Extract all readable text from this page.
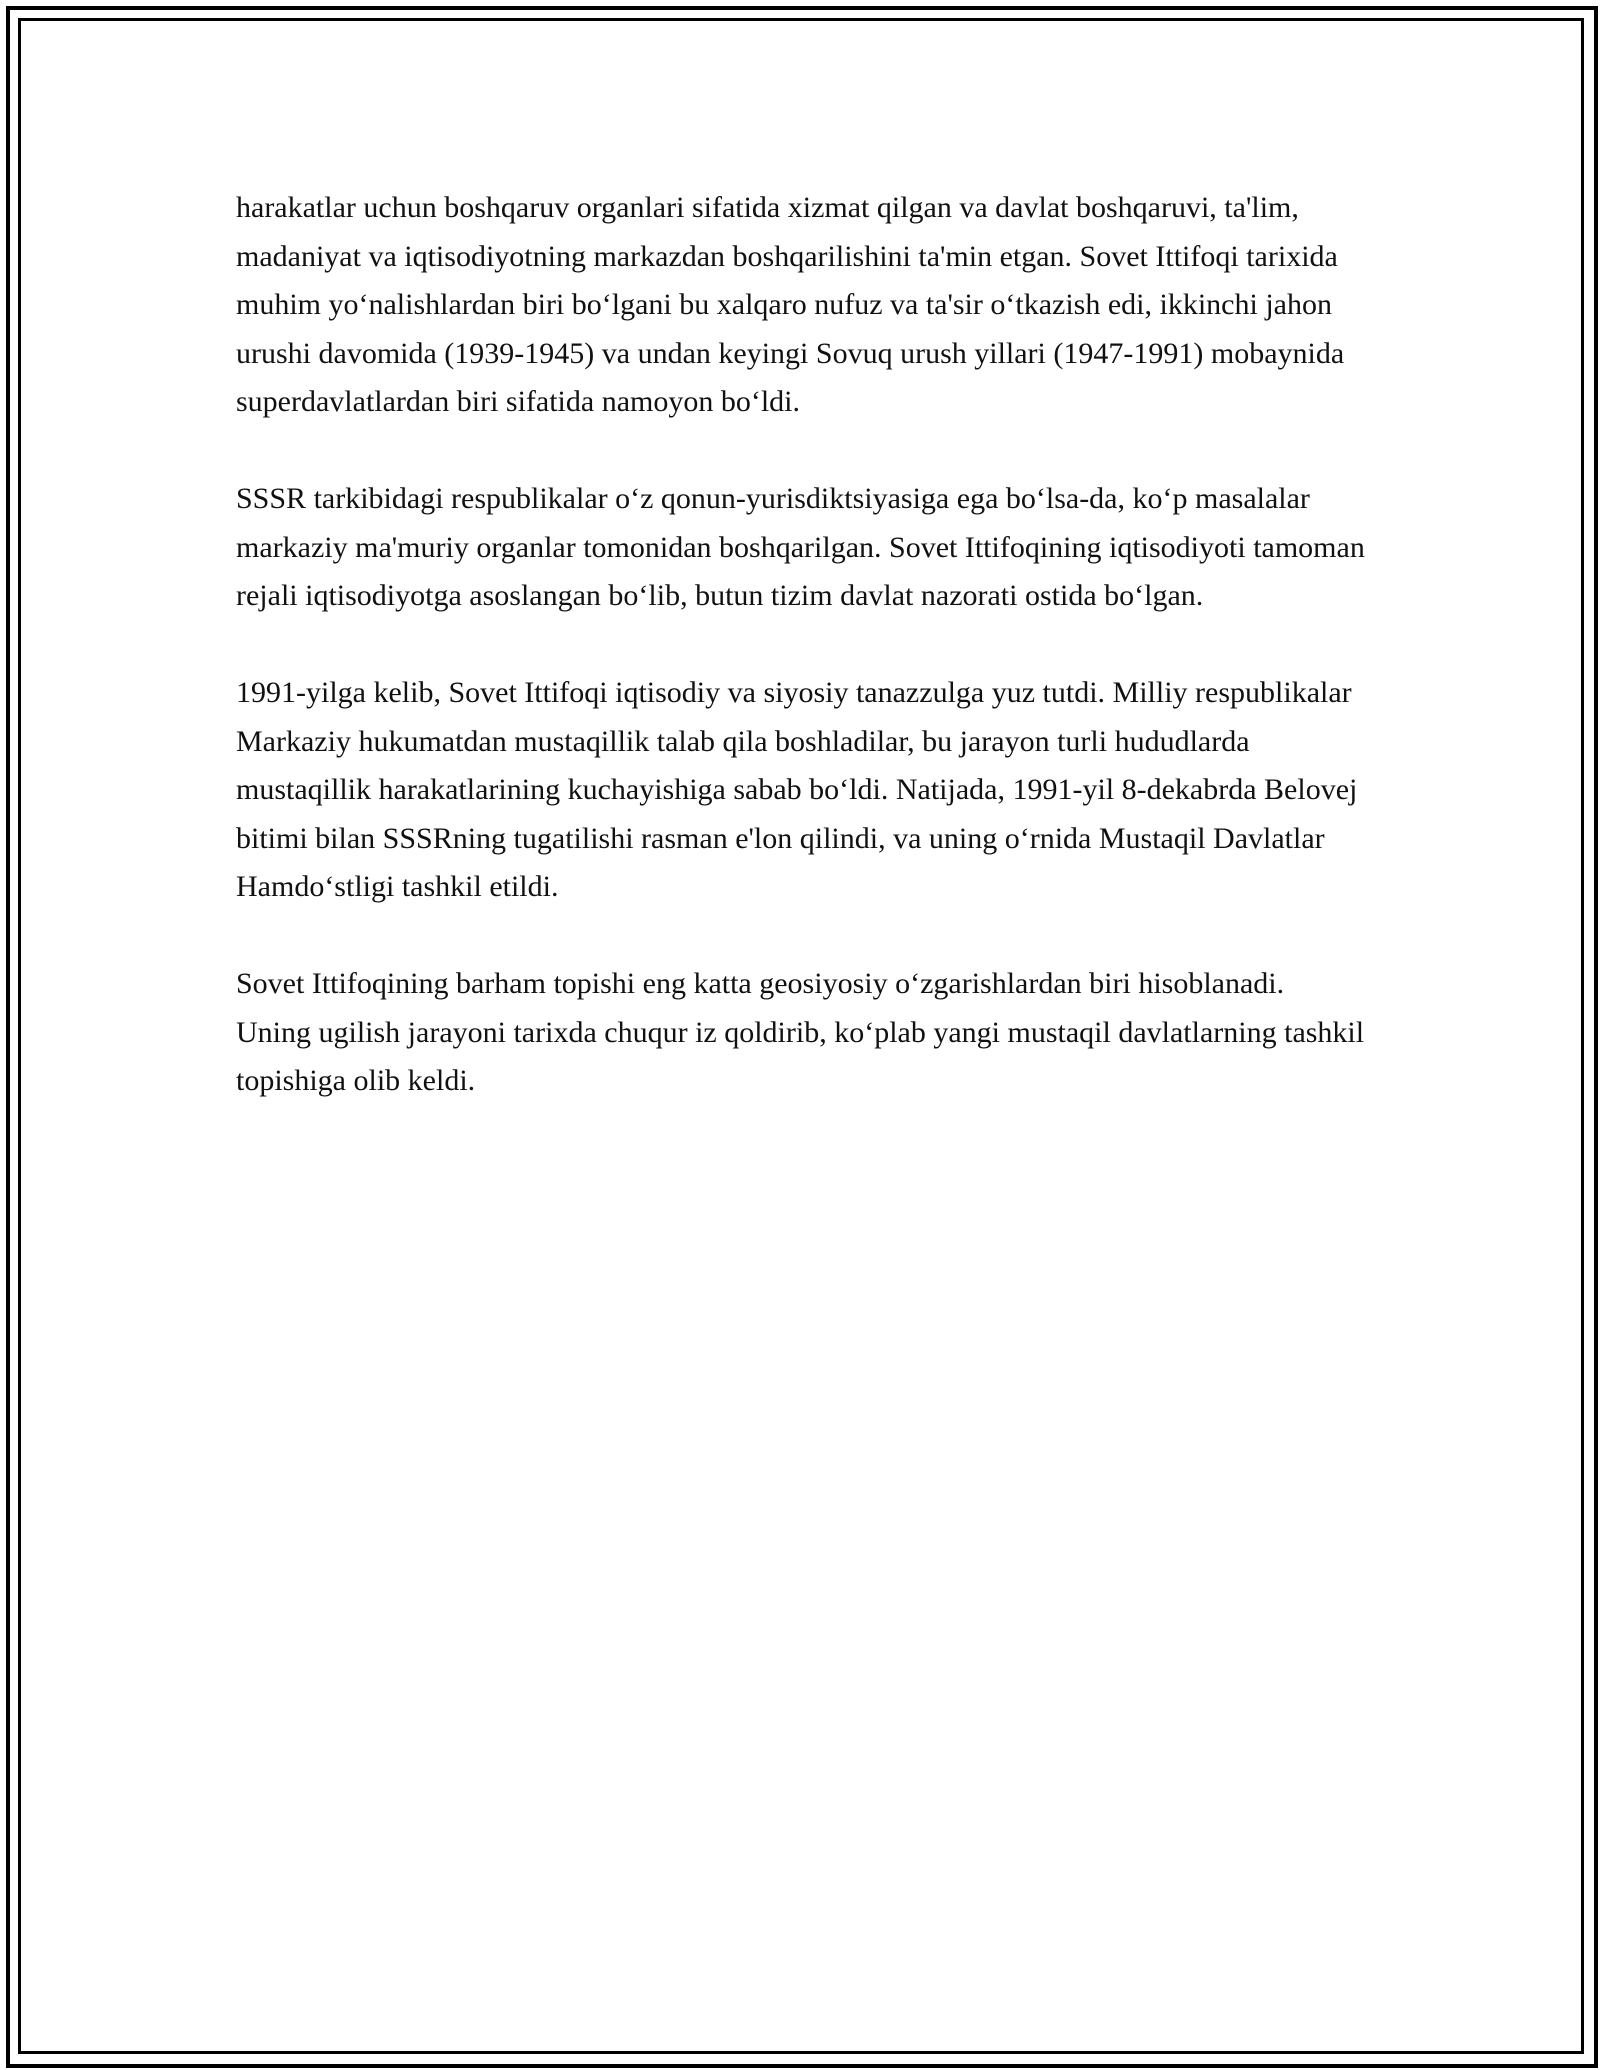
harakatlar uchun boshqaruv organlari sifatida xizmat qilgan va davlat boshqaruvi, ta'lim, madaniyat va iqtisodiyotning markazdan boshqarilishini ta'min etgan. Sovet Ittifoqi tarixida muhim yo‘nalishlardan biri bo‘lgani bu xalqaro nufuz va ta'sir o‘tkazish edi, ikkinchi jahon urushi davomida (1939-1945) va undan keyingi Sovuq urush yillari (1947-1991) mobaynida superdavlatlardan biri sifatida namoyon bo‘ldi.

SSSR tarkibidagi respublikalar o‘z qonun-yurisdiktsiyasiga ega bo‘lsa-da, ko‘p masalalar markaziy ma'muriy organlar tomonidan boshqarilgan. Sovet Ittifoqining iqtisodiyoti tamoman rejali iqtisodiyotga asoslangan bo‘lib, butun tizim davlat nazorati ostida bo‘lgan.

1991-yilga kelib, Sovet Ittifoqi iqtisodiy va siyosiy tanazzulga yuz tutdi. Milliy respublikalar Markaziy hukumatdan mustaqillik talab qila boshladilar, bu jarayon turli hududlarda mustaqillik harakatlarining kuchayishiga sabab bo‘ldi. Natijada, 1991-yil 8-dekabrda Belovej bitimi bilan SSSRning tugatilishi rasman e'lon qilindi, va uning o‘rnida Mustaqil Davlatlar Hamdo‘stligi tashkil etildi.

Sovet Ittifoqining barham topishi eng katta geosiyosiy o‘zgarishlardan biri hisoblanadi. Uning ugilish jarayoni tarixda chuqur iz qoldirib, ko‘plab yangi mustaqil davlatlarning tashkil topishiga olib keldi.
